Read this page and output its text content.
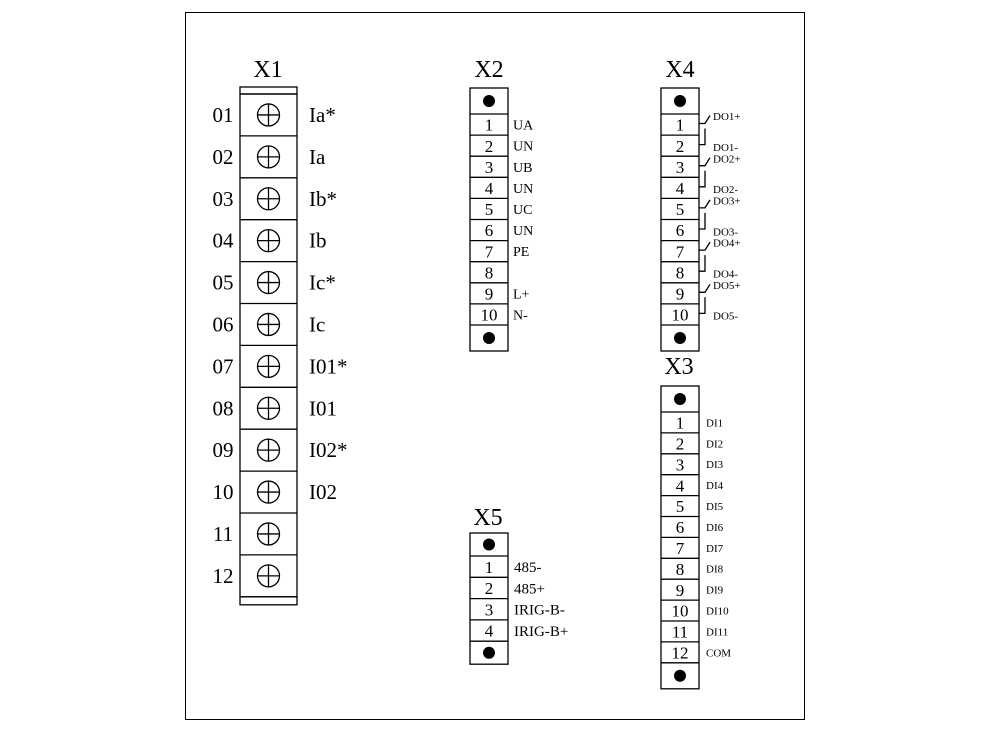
X1	X2	X4
X3
X5
01	Ia*
02	Ia
03	Ib*
04	Ib
05	Ic*
06	Ic
07	I01*
08	I01
09	I02*
10	I02
11
12
1 UA
2 UN
3 UB
4 UN
5 UC
6 UN
7 PE
8
9 L+
10 N-
1	DO1+
2	DO1-
3	DO2+
4	DO2-
5	DO3+
6	DO3-
7	DO4+
8	DO4-
9	DO5+
10 DO5-
1 DI1
2 DI2
3 DI3
4 DI4
5 DI5
6 DI6
7 DI7
8 DI8
9 DI9
10 DI10
11 DI11
12 COM
1 485-
2 485+
3 IRIG-B-
4 IRIG-B+
